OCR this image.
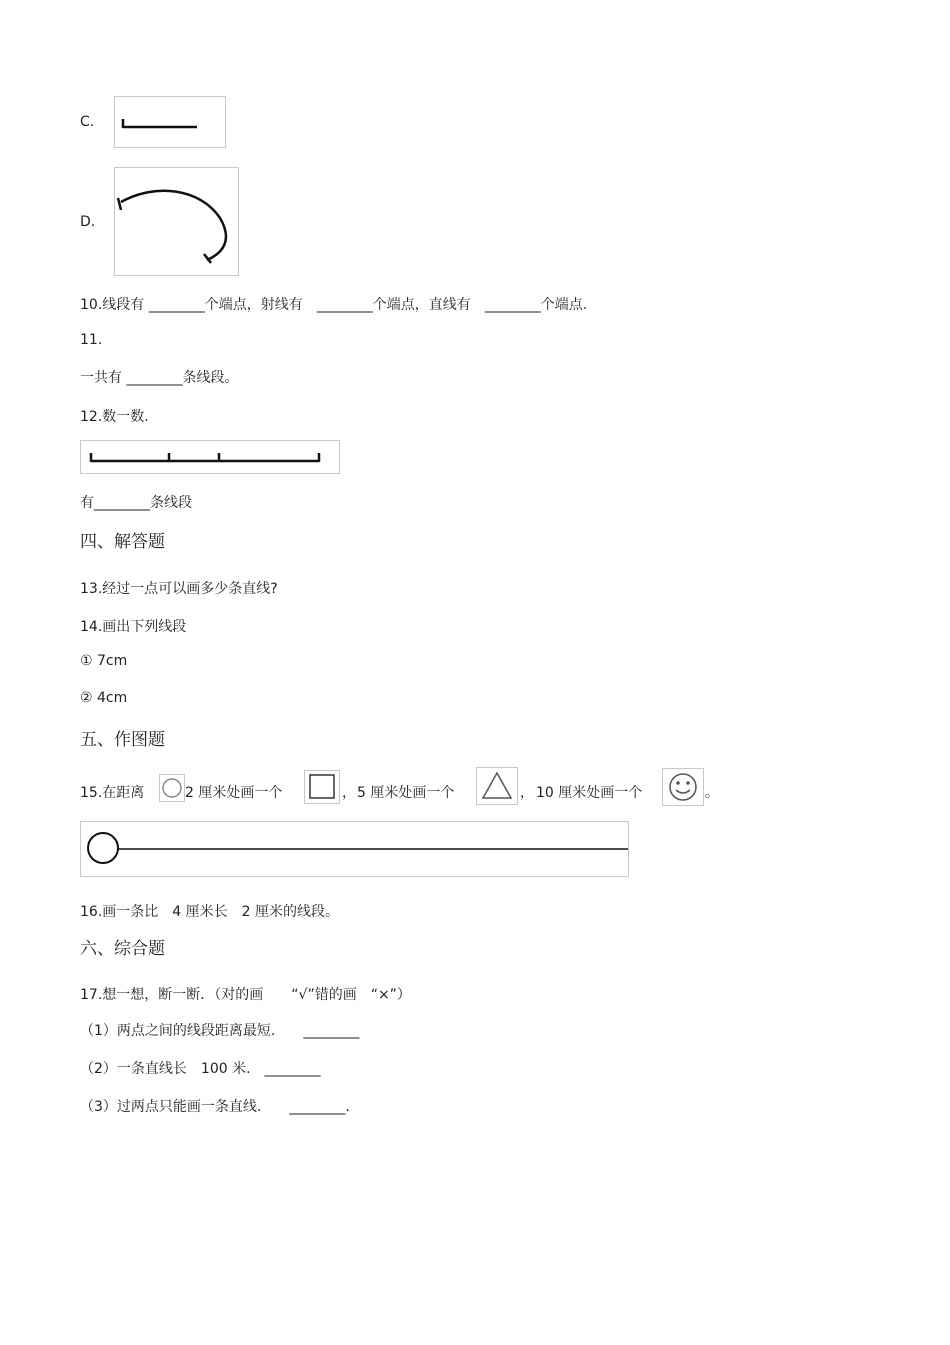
C.
D.
10.线段有 ________个端点，射线有　________个端点，直线有　________个端点.
11.
一共有 ________条线段。
12.数一数.
有________条线段
四、解答题
13.经过一点可以画多少条直线?
14.画出下列线段
① 7cm
② 4cm
五、作图题
15.在距离	2 厘米处画一个	， 5 厘米处画一个	， 10 厘米处画一个	。
16.画一条比　4 厘米长　2 厘米的线段。
六、综合题
17.想一想，断一断．（对的画　　“√”错的画　“×”）
（1）两点之间的线段距离最短.　　________
（2）一条直线长　100 米.　________
（3）过两点只能画一条直线.　　________.
